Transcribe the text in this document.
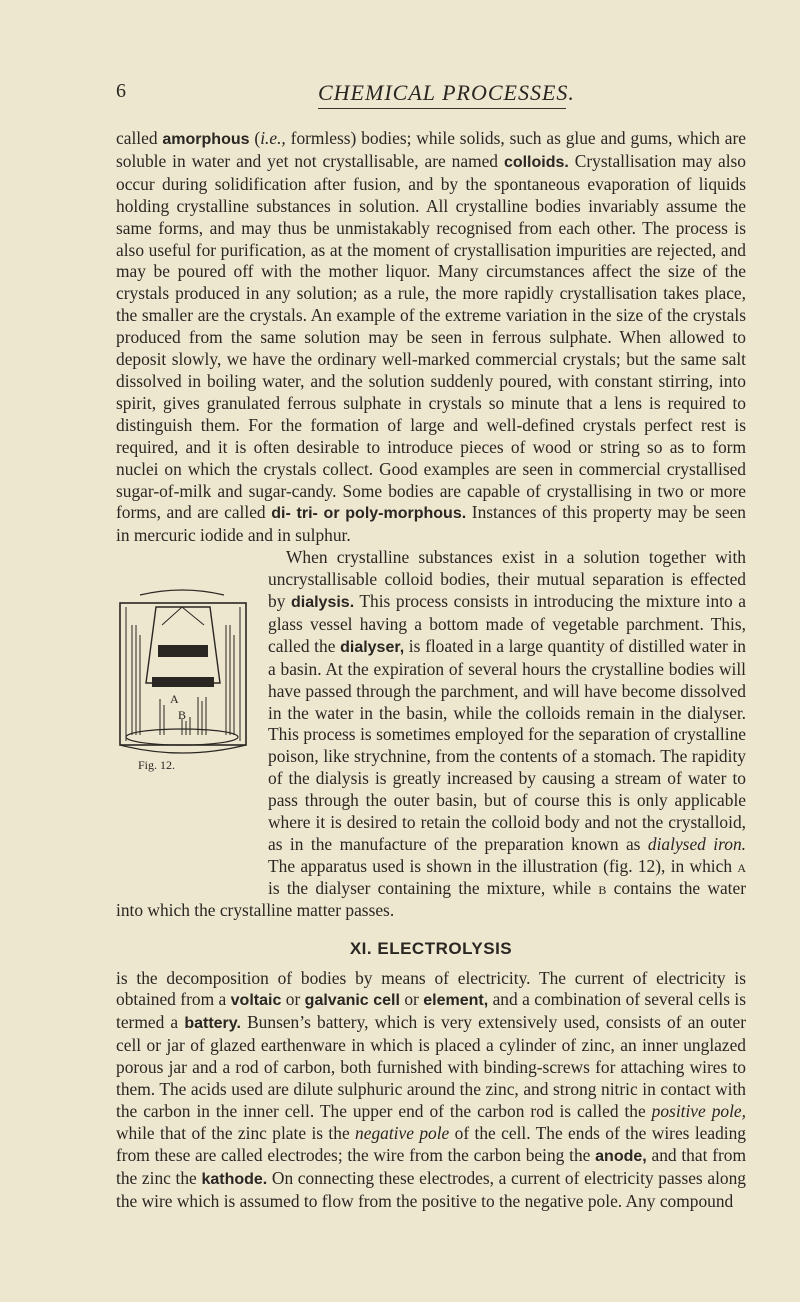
6	CHEMICAL PROCESSES.

called amorphous (i.e., formless) bodies; while solids, such as glue and gums, which are soluble in water and yet not crystallisable, are named colloids. Crystallisation may also occur during solidification after fusion, and by the spontaneous evaporation of liquids holding crystalline substances in solution. All crystalline bodies invariably assume the same forms, and may thus be unmistakably recognised from each other. The process is also useful for purification, as at the moment of crystallisation impurities are rejected, and may be poured off with the mother liquor. Many circumstances affect the size of the crystals produced in any solution; as a rule, the more rapidly crystallisation takes place, the smaller are the crystals. An example of the extreme variation in the size of the crystals produced from the same solution may be seen in ferrous sulphate. When allowed to deposit slowly, we have the ordinary well-marked commercial crystals; but the same salt dissolved in boiling water, and the solution suddenly poured, with constant stirring, into spirit, gives granulated ferrous sulphate in crystals so minute that a lens is required to distinguish them. For the formation of large and well-defined crystals perfect rest is required, and it is often desirable to introduce pieces of wood or string so as to form nuclei on which the crystals collect. Good examples are seen in commercial crystallised sugar-of-milk and sugar-candy. Some bodies are capable of crystallising in two or more forms, and are called di- tri- or poly-morphous. Instances of this property may be seen in mercuric iodide and in sulphur.

When crystalline substances exist in a solution together with uncrystallisable colloid bodies, their mutual separation is effected by dialysis. This process consists in introducing the mixture into a glass vessel having a bottom made of vegetable parchment. This, called the dialyser, is floated in a large quantity of distilled water in a basin. At the expiration of several hours the crystalline bodies will have passed through the parchment, and will have become dissolved in the water in the basin, while the colloids remain in the dialyser. This process is sometimes employed for the separation of crystalline poison, like strychnine, from the contents of a stomach. The rapidity of the dialysis is greatly increased by causing a stream of water to pass through the outer basin, but of course this is only applicable where it is desired to retain the colloid body and not the crystalloid, as in the manufacture of the preparation known as dialysed iron. The apparatus used is shown in the illustration (fig. 12), in which a is the dialyser containing the mixture, while b contains the water into which the crystalline matter passes.

XI. ELECTROLYSIS

is the decomposition of bodies by means of electricity. The current of electricity is obtained from a voltaic or galvanic cell or element, and a combination of several cells is termed a battery. Bunsen’s battery, which is very extensively used, consists of an outer cell or jar of glazed earthenware in which is placed a cylinder of zinc, an inner unglazed porous jar and a rod of carbon, both furnished with binding-screws for attaching wires to them. The acids used are dilute sulphuric around the zinc, and strong nitric in contact with the carbon in the inner cell. The upper end of the carbon rod is called the positive pole, while that of the zinc plate is the negative pole of the cell. The ends of the wires leading from these are called electrodes; the wire from the carbon being the anode, and that from the zinc the kathode. On connecting these electrodes, a current of electricity passes along the wire which is assumed to flow from the positive to the negative pole. Any compound

A
B
Fig. 12.
